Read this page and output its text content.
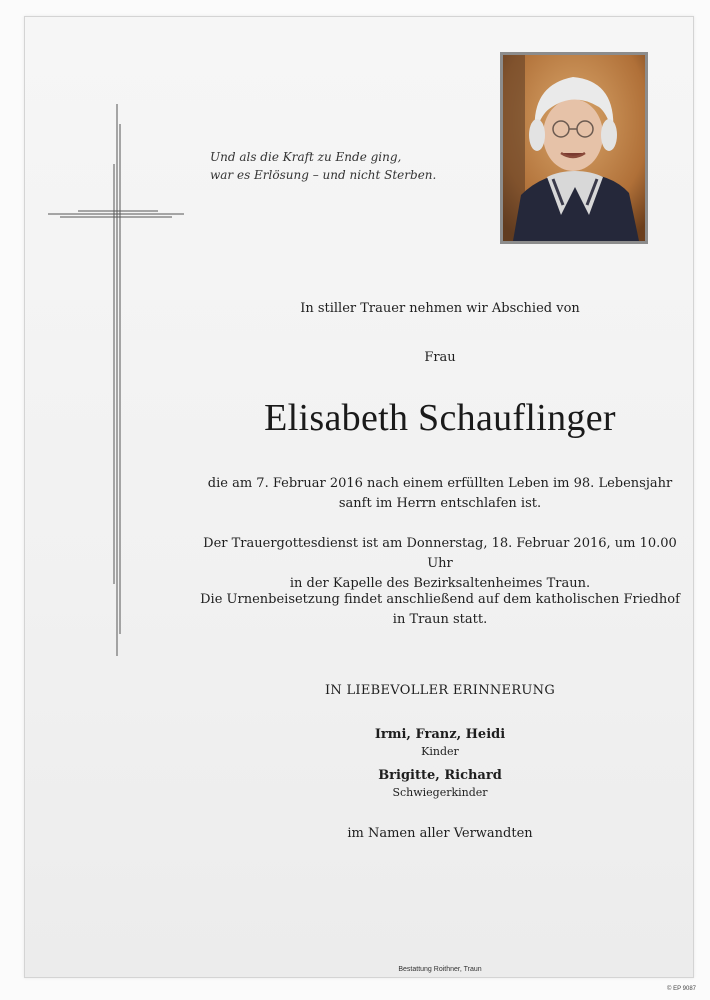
Und als die Kraft zu Ende ging,
war es Erlösung – und nicht Sterben.
In stiller Trauer nehmen wir Abschied von
Frau
Elisabeth Schauflinger
die am 7. Februar 2016 nach einem erfüllten Leben im 98. Lebensjahr
sanft im Herrn entschlafen ist.
Der Trauergottesdienst ist am Donnerstag, 18. Februar 2016, um 10.00 Uhr
in der Kapelle des Bezirksaltenheimes Traun.
Die Urnenbeisetzung findet anschließend auf dem katholischen Friedhof
in Traun statt.
IN LIEBEVOLLER ERINNERUNG
Irmi, Franz, Heidi
Kinder
Brigitte, Richard
Schwiegerkinder
im Namen aller Verwandten
Bestattung Roithner, Traun
© EP 9087
